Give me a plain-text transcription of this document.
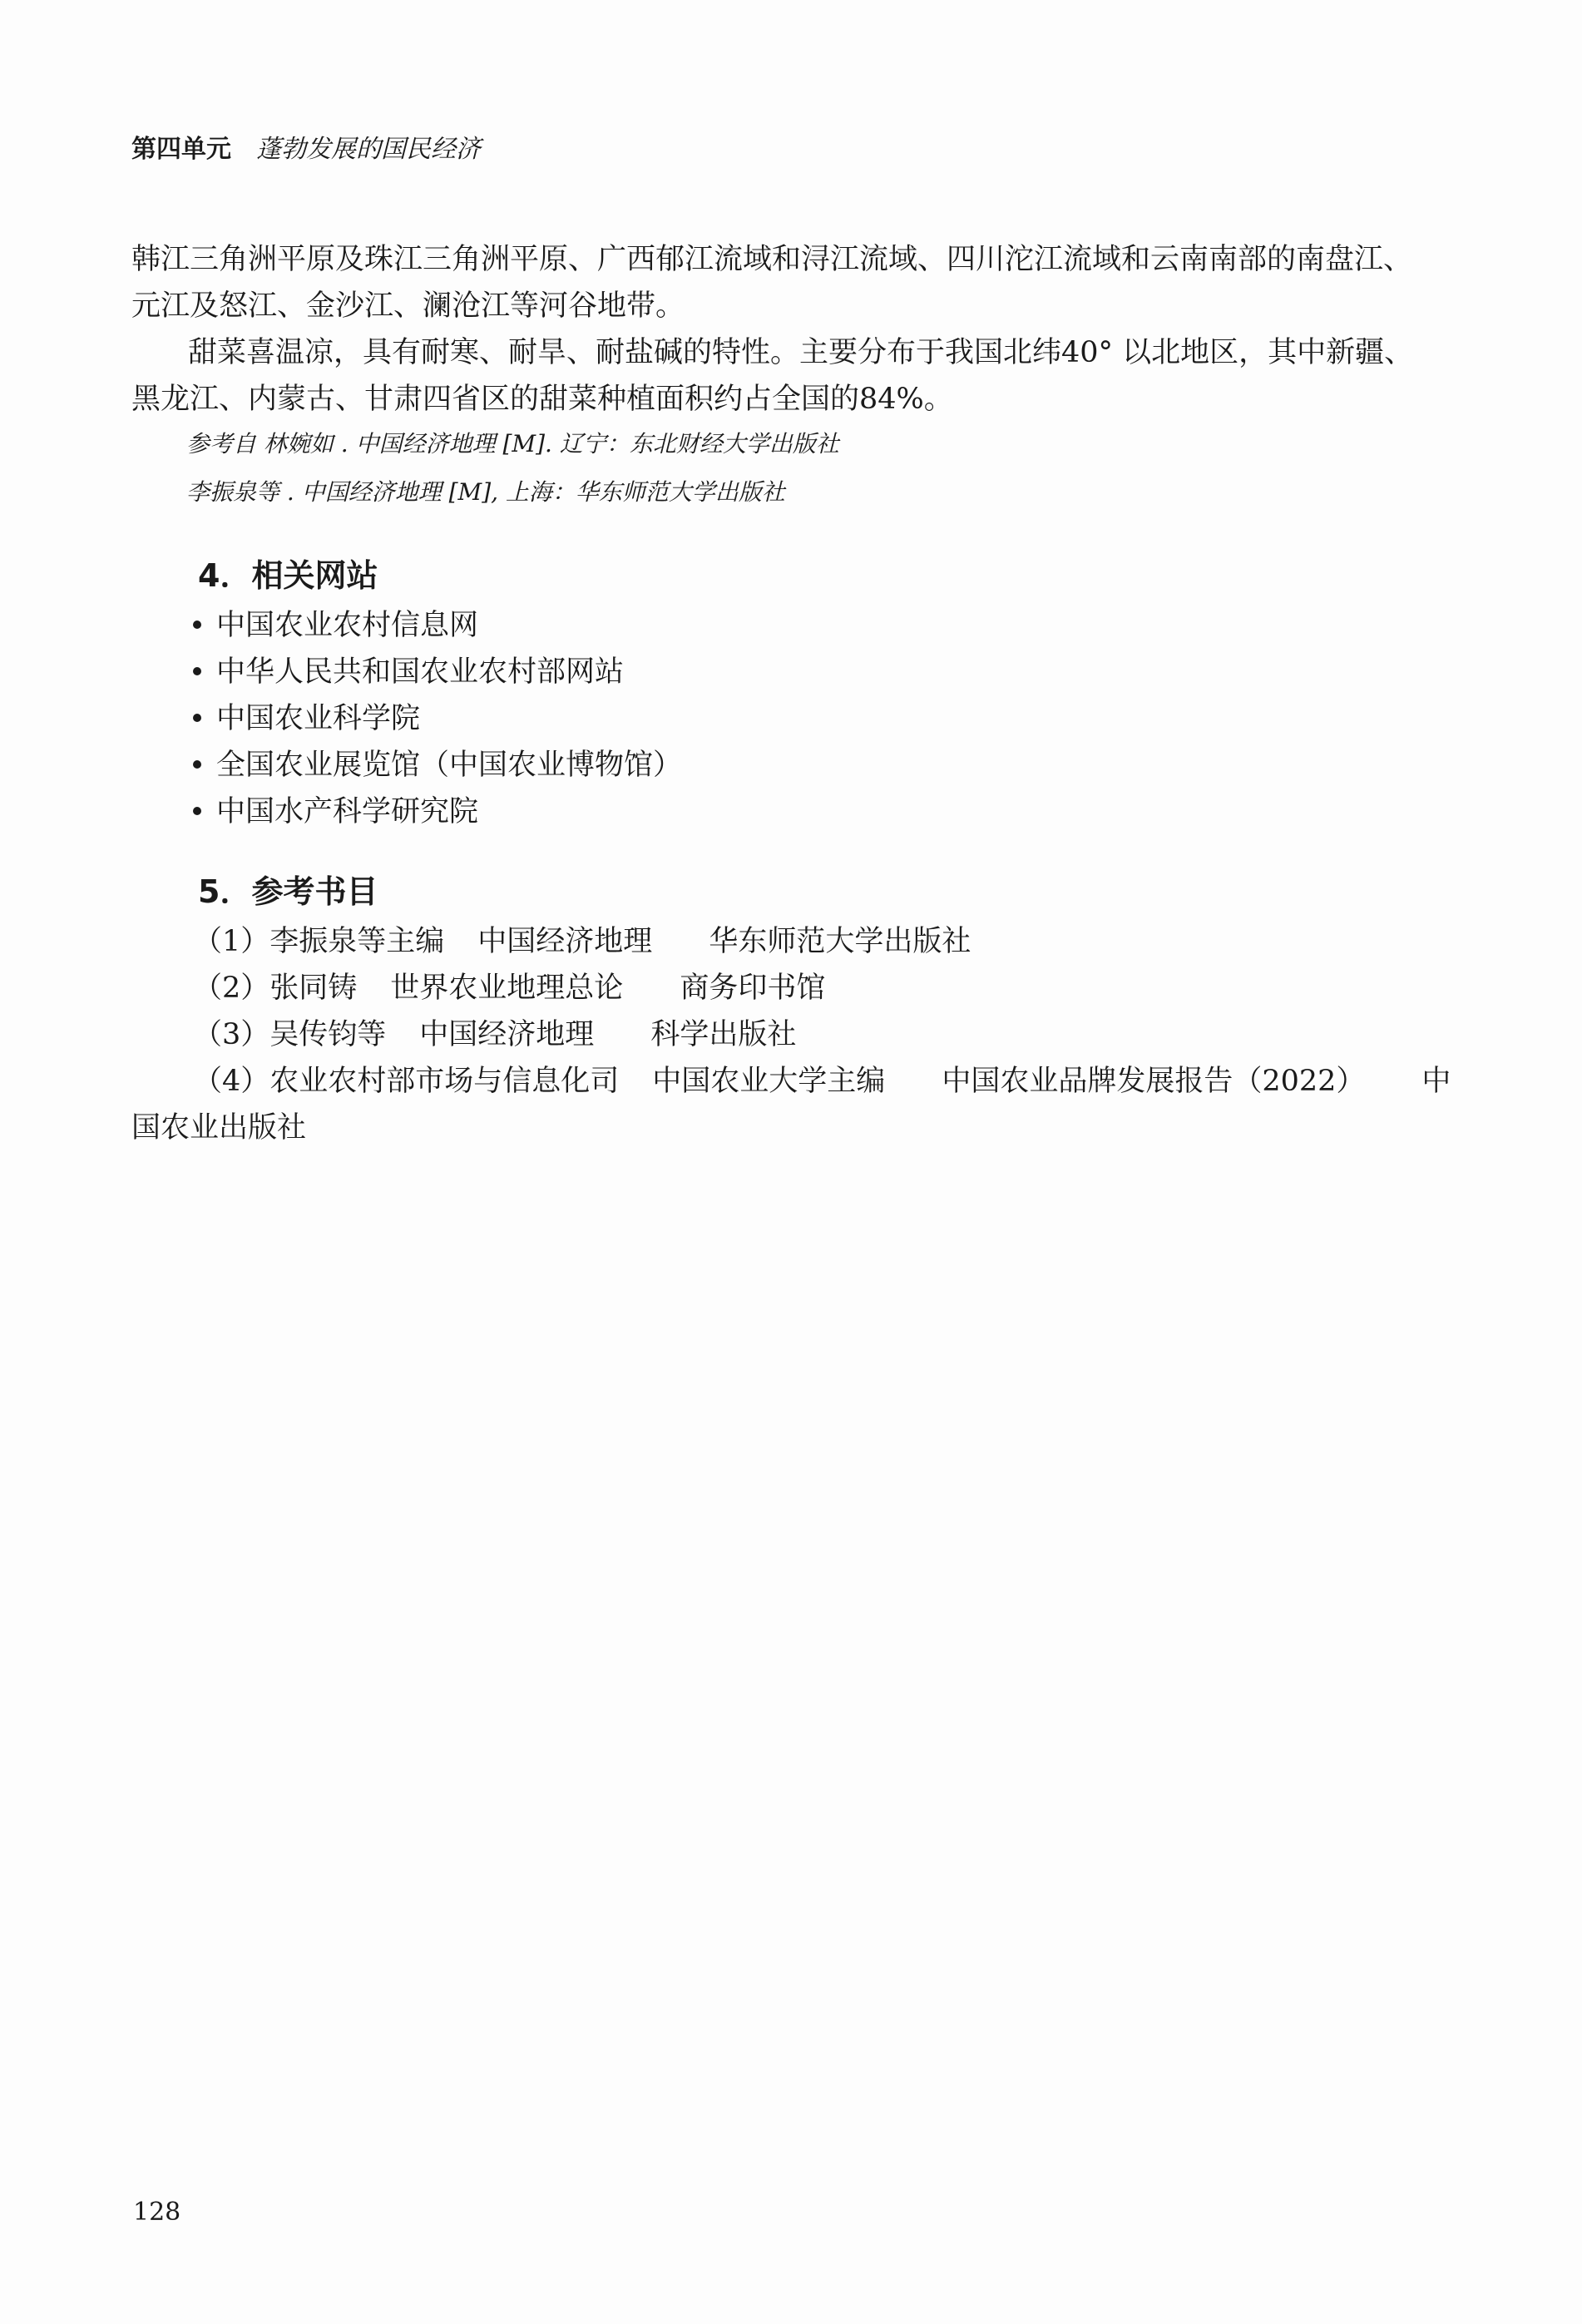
第四单元 蓬勃发展的国民经济
韩江三角洲平原及珠江三角洲平原、广西郁江流域和浔江流域、四川沱江流域和云南南部的南盘江、
元江及怒江、金沙江、澜沧江等河谷地带。
甜菜喜温凉，具有耐寒、耐旱、耐盐碱的特性。主要分布于我国北纬40° 以北地区，其中新疆、
黑龙江、内蒙古、甘肃四省区的甜菜种植面积约占全国的84%。
参考自 林婉如 . 中国经济地理 [M]. 辽宁：东北财经大学出版社
李振泉等 . 中国经济地理 [M], 上海：华东师范大学出版社
4．相关网站
中国农业农村信息网
中华人民共和国农业农村部网站
中国农业科学院
全国农业展览馆（中国农业博物馆）
中国水产科学研究院
5．参考书目
（1）李振泉等主编 中国经济地理 华东师范大学出版社
（2）张同铸 世界农业地理总论 商务印书馆
（3）吴传钧等 中国经济地理 科学出版社
（4）农业农村部市场与信息化司 中国农业大学主编 中国农业品牌发展报告（2022） 中
国农业出版社
128
